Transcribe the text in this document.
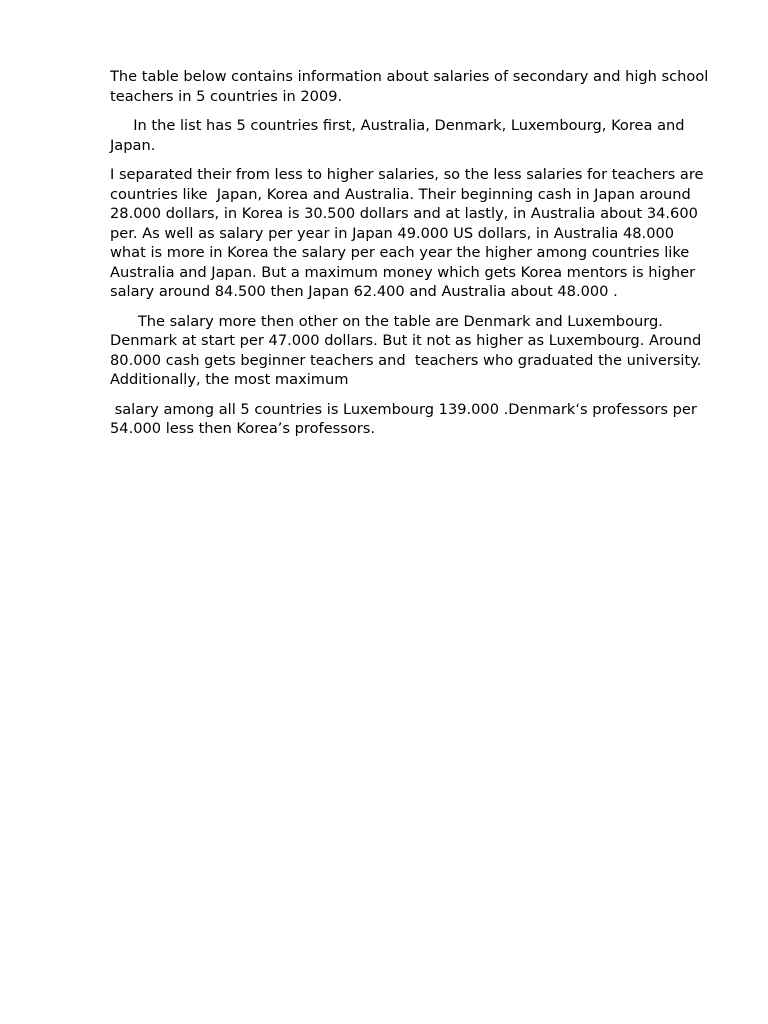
The table below contains information about salaries of secondary and high school teachers in 5 countries in 2009.

In the list has 5 countries first, Australia, Denmark, Luxembourg, Korea and Japan.

I separated their from less to higher salaries, so the less salaries for teachers are countries like  Japan, Korea and Australia. Their beginning cash in Japan around 28.000 dollars, in Korea is 30.500 dollars and at lastly, in Australia about 34.600 per. As well as salary per year in Japan 49.000 US dollars, in Australia 48.000 what is more in Korea the salary per each year the higher among countries like Australia and Japan. But a maximum money which gets Korea mentors is higher salary around 84.500 then Japan 62.400 and Australia about 48.000 .

The salary more then other on the table are Denmark and Luxembourg. Denmark at start per 47.000 dollars. But it not as higher as Luxembourg. Around 80.000 cash gets beginner teachers and  teachers who graduated the university. Additionally, the most maximum

salary among all 5 countries is Luxembourg 139.000 .Denmark‘s professors per 54.000 less then Korea’s professors.
